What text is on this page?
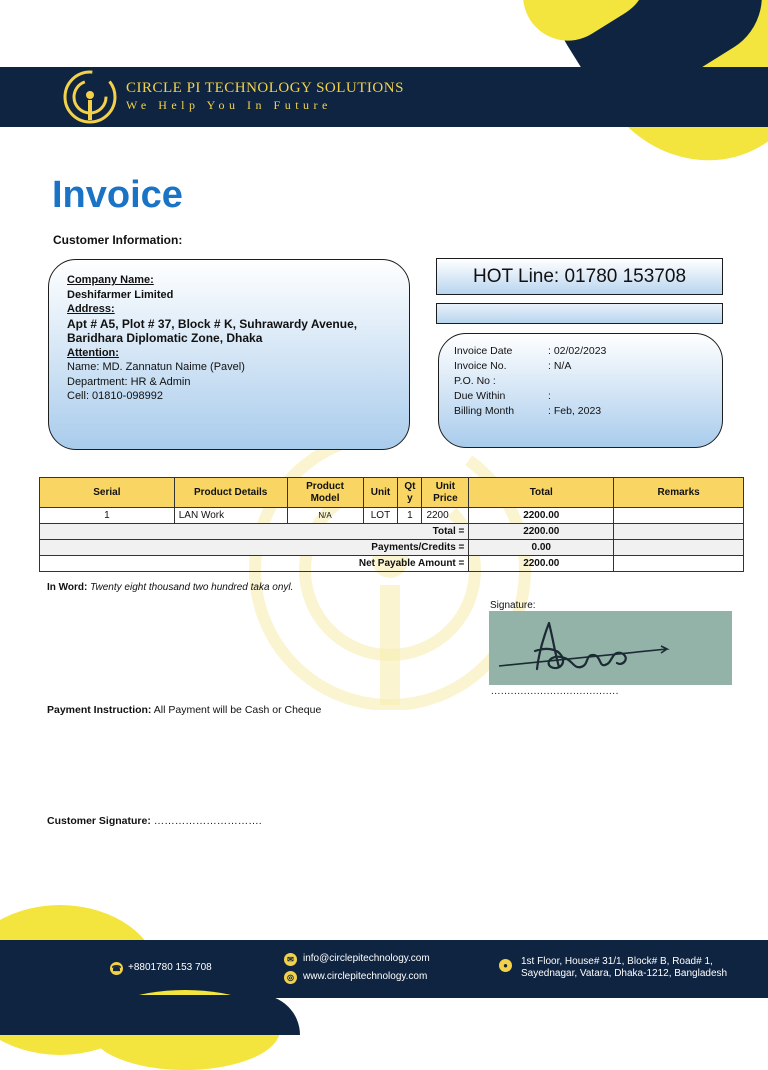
CIRCLE PI TECHNOLOGY SOLUTIONS
We Help You In Future
Invoice
Customer Information:
Company Name:
Deshifarmer Limited
Address:
Apt # A5, Plot # 37, Block # K, Suhrawardy Avenue,
Baridhara Diplomatic Zone, Dhaka
Attention:
Name: MD. Zannatun Naime (Pavel)
Department: HR & Admin
Cell: 01810-098992
HOT Line: 01780 153708
Invoice Date	: 02/02/2023
Invoice No.	: N/A
P.O. No :
Due Within	:
Billing Month	: Feb, 2023
Serial	Product Details	Product Model	Unit	Qty	Unit Price	Total	Remarks
1	LAN Work	N/A	LOT	1	2200	2200.00	
Total =						2200.00	
Payments/Credits =						0.00	
Net Payable Amount =						2200.00	
In Word: Twenty eight thousand two hundred taka onyl.
Signature:
.......................................
Payment Instruction: All Payment will be Cash or Cheque
Customer Signature: ………………………….
☎ +8801780 153 708
✉ info@circlepitechnology.com
◎ www.circlepitechnology.com
●	1st Floor, House# 31/1, Block# B, Road# 1,
Sayednagar, Vatara, Dhaka-1212, Bangladesh
